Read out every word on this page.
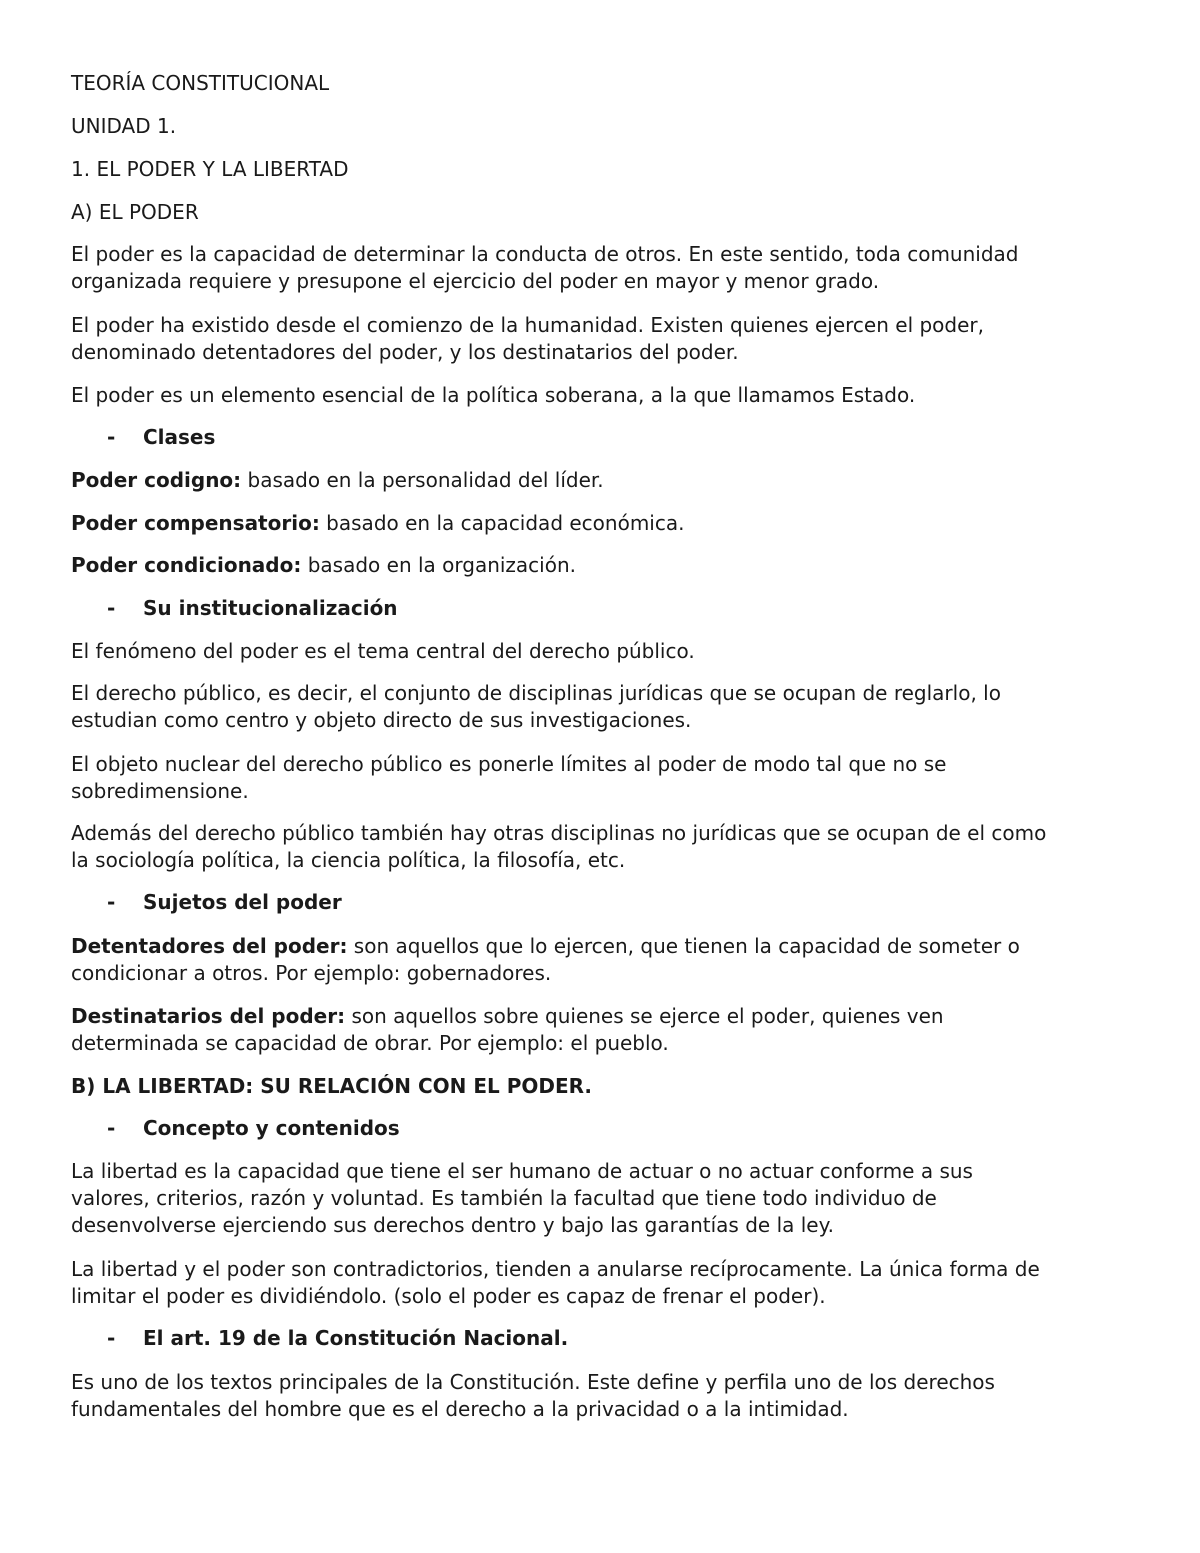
TEORÍA CONSTITUCIONAL

UNIDAD 1.

1. EL PODER Y LA LIBERTAD

A) EL PODER

El poder es la capacidad de determinar la conducta de otros. En este sentido, toda comunidad

organizada requiere y presupone el ejercicio del poder en mayor y menor grado.

El poder ha existido desde el comienzo de la humanidad. Existen quienes ejercen el poder,

denominado detentadores del poder, y los destinatarios del poder.

El poder es un elemento esencial de la política soberana, a la que llamamos Estado.

- Clases

Poder codigno: basado en la personalidad del líder.

Poder compensatorio: basado en la capacidad económica.

Poder condicionado: basado en la organización.

- Su institucionalización

El fenómeno del poder es el tema central del derecho público.

El derecho público, es decir, el conjunto de disciplinas jurídicas que se ocupan de reglarlo, lo

estudian como centro y objeto directo de sus investigaciones.

El objeto nuclear del derecho público es ponerle límites al poder de modo tal que no se

sobredimensione.

Además del derecho público también hay otras disciplinas no jurídicas que se ocupan de el como

la sociología política, la ciencia política, la filosofía, etc.

- Sujetos del poder

Detentadores del poder: son aquellos que lo ejercen, que tienen la capacidad de someter o

condicionar a otros. Por ejemplo: gobernadores.

Destinatarios del poder: son aquellos sobre quienes se ejerce el poder, quienes ven

determinada se capacidad de obrar. Por ejemplo: el pueblo.

B) LA LIBERTAD: SU RELACIÓN CON EL PODER.

- Concepto y contenidos

La libertad es la capacidad que tiene el ser humano de actuar o no actuar conforme a sus

valores, criterios, razón y voluntad. Es también la facultad que tiene todo individuo de

desenvolverse ejerciendo sus derechos dentro y bajo las garantías de la ley.

La libertad y el poder son contradictorios, tienden a anularse recíprocamente. La única forma de

limitar el poder es dividiéndolo. (solo el poder es capaz de frenar el poder).

- El art. 19 de la Constitución Nacional.

Es uno de los textos principales de la Constitución. Este define y perfila uno de los derechos

fundamentales del hombre que es el derecho a la privacidad o a la intimidad.
